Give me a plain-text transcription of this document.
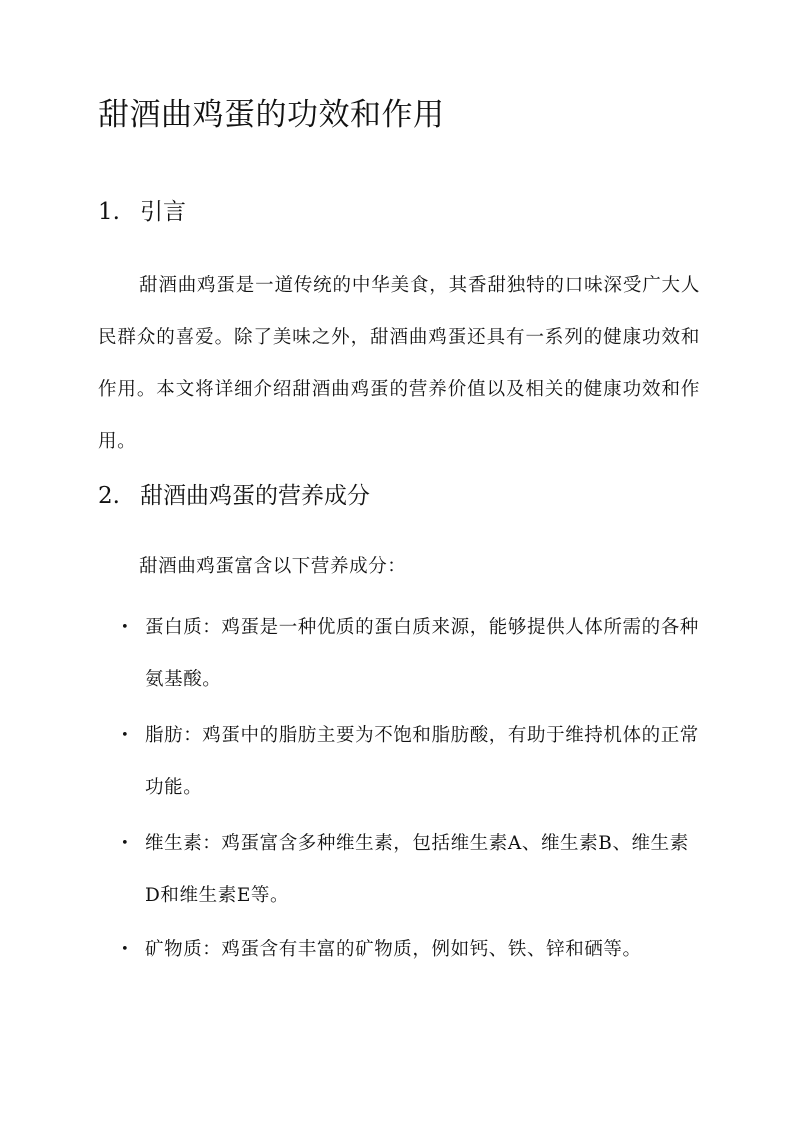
甜酒曲鸡蛋的功效和作用
1. 引言

甜酒曲鸡蛋是一道传统的中华美食，其香甜独特的口味深受广大人民群众的喜爱。除了美味之外，甜酒曲鸡蛋还具有一系列的健康功效和作用。本文将详细介绍甜酒曲鸡蛋的营养价值以及相关的健康功效和作用。

2. 甜酒曲鸡蛋的营养成分

甜酒曲鸡蛋富含以下营养成分：

• 蛋白质：鸡蛋是一种优质的蛋白质来源，能够提供人体所需的各种氨基酸。
• 脂肪：鸡蛋中的脂肪主要为不饱和脂肪酸，有助于维持机体的正常功能。
• 维生素：鸡蛋富含多种维生素，包括维生素A、维生素B、维生素D和维生素E等。
• 矿物质：鸡蛋含有丰富的矿物质，例如钙、铁、锌和硒等。
